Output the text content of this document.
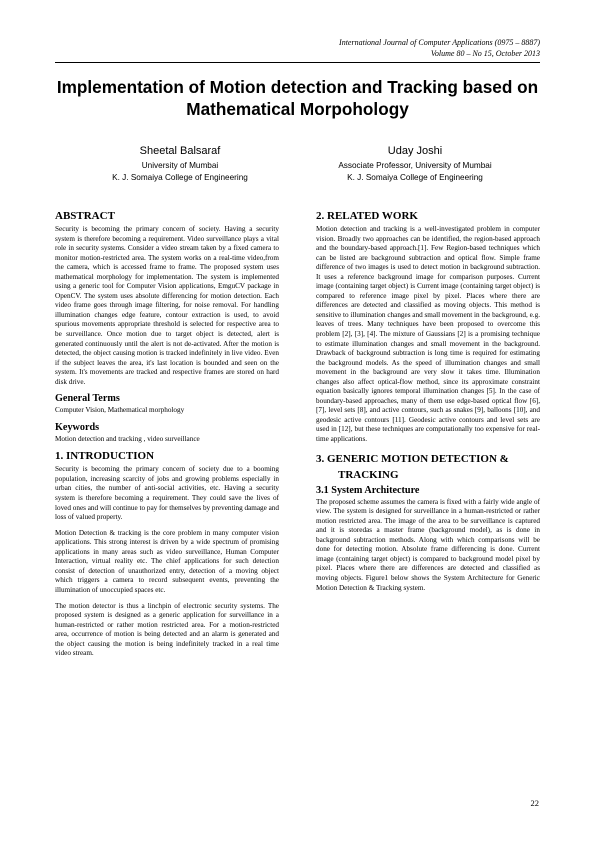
International Journal of Computer Applications (0975 – 8887)
Volume 80 – No 15, October 2013
Implementation of Motion detection and Tracking based on Mathematical Morpohology
Sheetal Balsaraf
University of Mumbai
K. J. Somaiya College of Engineering
Uday Joshi
Associate Professor, University of Mumbai
K. J. Somaiya College of Engineering
ABSTRACT

Security is becoming the primary concern of society. Having a security system is therefore becoming a requirement. Video surveillance plays a vital role in security systems. Consider a video stream taken by a fixed camera to monitor motion-restricted area. The system works on a real-time video,from the camera, which is accessed frame to frame. The proposed system uses mathematical morphology for implementation. The system is implemented using a generic tool for Computer Vision applications, EmguCV package in OpenCV. The system uses absolute differencing for motion detection. Each video frame goes through image filtering, for noise removal. For handling illumination changes edge feature, contour extraction is used, to avoid spurious movements appropriate threshold is selected for respective area to be surveillance. Once motion due to target object is detected, alert is generated continuously until the alert is not de-activated. After the motion is detected, the object causing motion is tracked indefinitely in live video. Even if the subject leaves the area, it's last location is bounded and seen on the system. It's movements are tracked and respective frames are stored on hard disk drive.

General Terms

Computer Vision, Mathematical morphology

Keywords

Motion detection and tracking , video surveillance

1. INTRODUCTION

Security is becoming the primary concern of society due to a booming population, increasing scarcity of jobs and growing problems especially in urban cities, the number of anti-social activities, etc. Having a security system is therefore becoming a requirement. They could save the lives of loved ones and will continue to pay for themselves by preventing damage and loss of valued property.

Motion Detection & tracking is the core problem in many computer vision applications. This strong interest is driven by a wide spectrum of promising applications in many areas such as video surveillance, Human Computer Interaction, virtual reality etc. The chief applications for such detection consist of detection of unauthorized entry, detection of a moving object which triggers a camera to record subsequent events, preventing the illumination of unoccupied spaces etc.

The motion detector is thus a linchpin of electronic security systems. The proposed system is designed as a generic application for surveillance in a human-restricted or rather motion restricted area. For a motion-restricted area, occurrence of motion is being detected and an alarm is generated and the object causing the motion is being indefinitely tracked in a real time video stream.

2. RELATED WORK

Motion detection and tracking is a well-investigated problem in computer vision. Broadly two approaches can be identified, the region-based approach and the boundary-based approach.[1]. Few Region-based techniques which can be listed are background subtraction and optical flow. Simple frame difference of two images is used to detect motion in background subtraction. It uses a reference background image for comparison purposes. Current image (containing target object) is Current image (containing target object) is compared to reference image pixel by pixel. Places where there are differences are detected and classified as moving objects. This method is sensitive to illumination changes and small movement in the background, e.g. leaves of trees. Many techniques have been proposed to overcome this problem [2], [3], [4]. The mixture of Gaussians [2] is a promising technique to estimate illumination changes and small movement in the background. Drawback of background subtraction is long time is required for estimating the background models. As the speed of illumination changes and small movement in the background are very slow it takes time. Illumination changes also affect optical-flow method, since its approximate constraint equation basically ignores temporal illumination changes [5]. In the case of boundary-based approaches, many of them use edge-based optical flow [6], [7], level sets [8], and active contours, such as snakes [9], balloons [10], and geodesic active contours [11]. Geodesic active contours and level sets are used in [12], but these techniques are computationally too expensive for real-time applications.

3. GENERIC MOTION DETECTION & TRACKING
3.1 System Architecture

The proposed scheme assumes the camera is fixed with a fairly wide angle of view. The system is designed for surveillance in a human-restricted or rather motion restricted area. The image of the area to be surveillance is captured and it is storedas a master frame (background model), as is done in background subtraction methods. Along with which comparisons will be done for detecting motion. Absolute frame differencing is done. Current image (containing target object) is compared to background model pixel by pixel. Places where there are differences are detected and classified as moving objects. Figure1 below shows the System Architecture for Generic Motion Detection & Tracking system.

22
